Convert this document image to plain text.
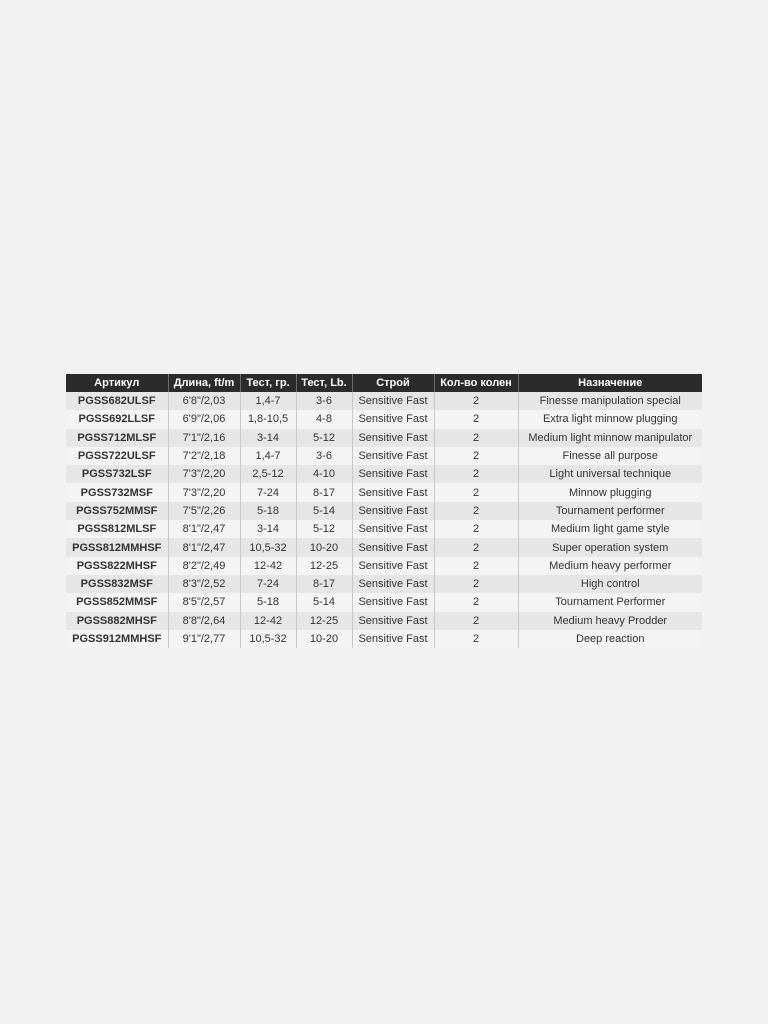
Артикул	Длина, ft/m	Тест, гр.	Тест, Lb.	Строй	Кол-во колен	Назначение
PGSS682ULSF	6'8"/2,03	1,4-7	3-6	Sensitive Fast	2	Finesse manipulation special
PGSS692LLSF	6'9"/2,06	1,8-10,5	4-8	Sensitive Fast	2	Extra light minnow plugging
PGSS712MLSF	7'1"/2,16	3-14	5-12	Sensitive Fast	2	Medium light minnow manipulator
PGSS722ULSF	7'2"/2,18	1,4-7	3-6	Sensitive Fast	2	Finesse all purpose
PGSS732LSF	7'3"/2,20	2,5-12	4-10	Sensitive Fast	2	Light universal technique
PGSS732MSF	7'3"/2,20	7-24	8-17	Sensitive Fast	2	Minnow plugging
PGSS752MMSF	7'5"/2,26	5-18	5-14	Sensitive Fast	2	Tournament performer
PGSS812MLSF	8'1"/2,47	3-14	5-12	Sensitive Fast	2	Medium light game style
PGSS812MMHSF	8'1"/2,47	10,5-32	10-20	Sensitive Fast	2	Super operation system
PGSS822MHSF	8'2"/2,49	12-42	12-25	Sensitive Fast	2	Medium heavy performer
PGSS832MSF	8'3"/2,52	7-24	8-17	Sensitive Fast	2	High control
PGSS852MMSF	8'5"/2,57	5-18	5-14	Sensitive Fast	2	Tournament Performer
PGSS882MHSF	8'8"/2,64	12-42	12-25	Sensitive Fast	2	Medium heavy Prodder
PGSS912MMHSF	9'1"/2,77	10,5-32	10-20	Sensitive Fast	2	Deep reaction
